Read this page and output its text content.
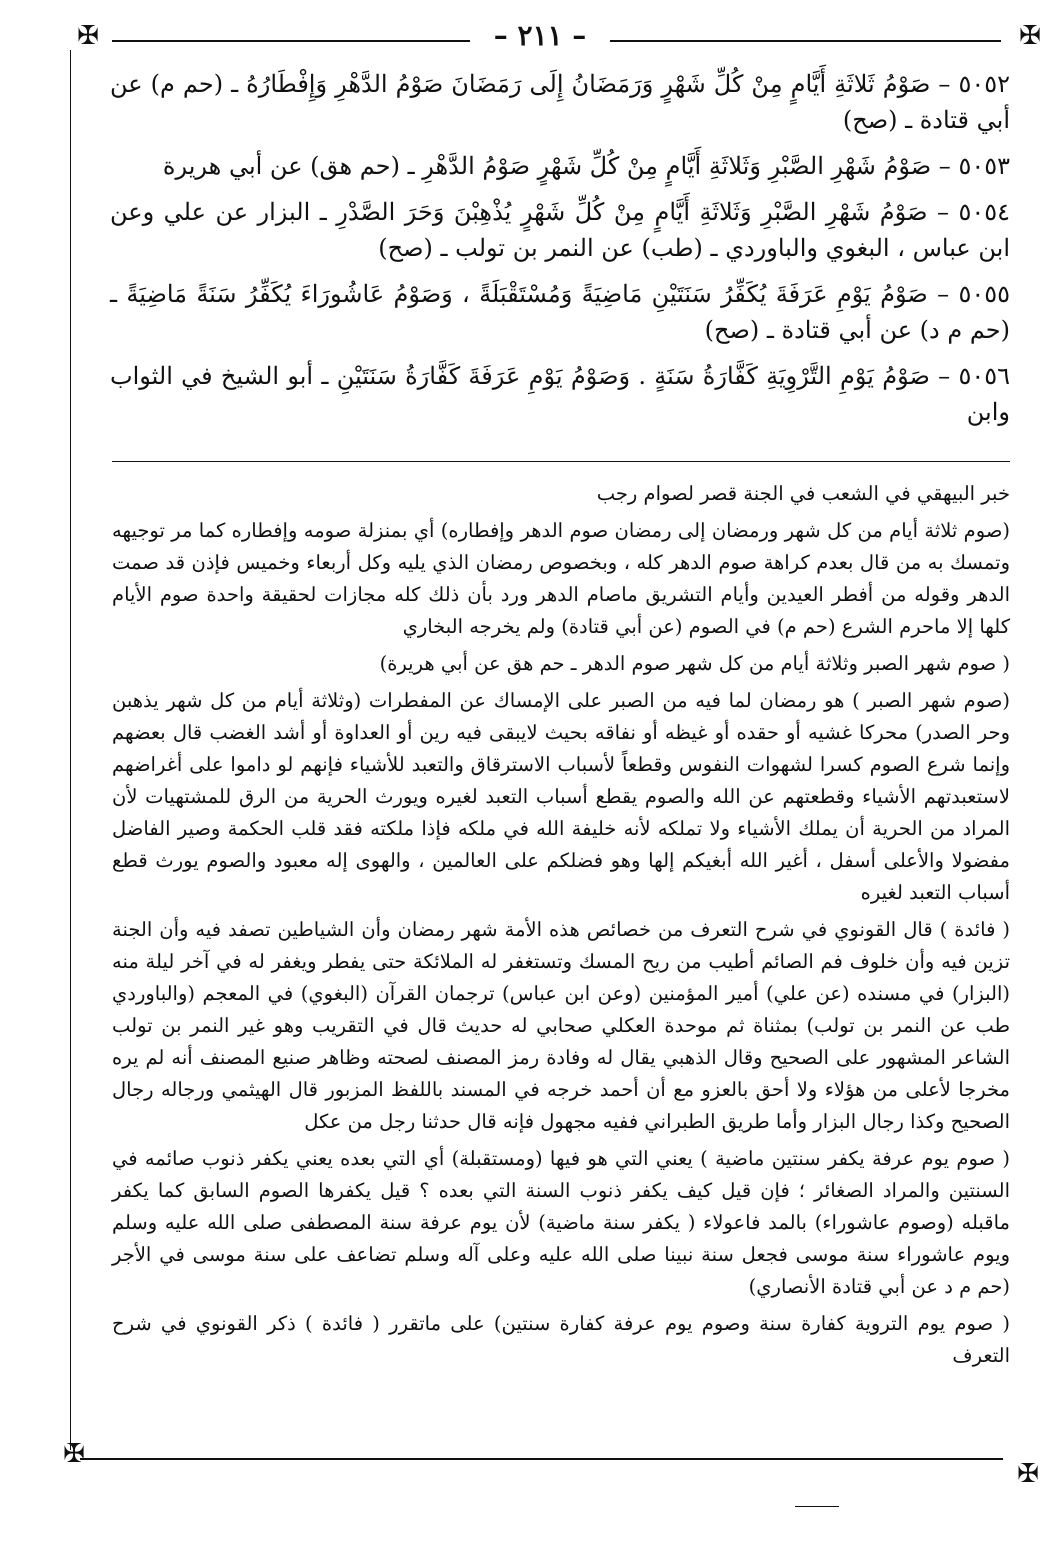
– ٢١١ –
✠	✠
✠
✠
٥٠٥٢ – صَوْمُ ثَلاثَةِ أَيَّامٍ مِنْ كُلِّ شَهْرٍ وَرَمَضَانُ إِلَى رَمَضَانَ صَوْمُ الدَّهْرِ وَإِفْطَارُهُ ـ (حم م) عن أبي قتادة ـ (صح)
٥٠٥٣ – صَوْمُ شَهْرِ الصَّبْرِ وَثَلاثَةِ أَيَّامٍ مِنْ كُلِّ شَهْرٍ صَوْمُ الدَّهْرِ ـ (حم هق) عن أبي هريرة
٥٠٥٤ – صَوْمُ شَهْرِ الصَّبْرِ وَثَلاثَةِ أَيَّامٍ مِنْ كُلِّ شَهْرٍ يُذْهِبْنَ وَحَرَ الصَّدْرِ ـ البزار عن علي وعن ابن عباس ، البغوي والباوردي ـ (طب) عن النمر بن تولب ـ (صح)
٥٠٥٥ – صَوْمُ يَوْمِ عَرَفَةَ يُكَفِّرُ سَنَتَيْنِ مَاضِيَةً وَمُسْتَقْبَلَةً ، وَصَوْمُ عَاشُورَاءَ يُكَفِّرُ سَنَةً مَاضِيَةً ـ (حم م د) عن أبي قتادة ـ (صح)
٥٠٥٦ – صَوْمُ يَوْمِ التَّرْوِيَةِ كَفَّارَةُ سَنَةٍ . وَصَوْمُ يَوْمِ عَرَفَةَ كَفَّارَةُ سَنَتَيْنِ ـ أبو الشيخ في الثواب وابن

خبر البيهقي في الشعب في الجنة قصر لصوام رجب

(صوم ثلاثة أيام من كل شهر ورمضان إلى رمضان صوم الدهر وإفطاره) أي بمنزلة صومه وإفطاره كما مر توجيهه وتمسك به من قال بعدم كراهة صوم الدهر كله ، وبخصوص رمضان الذي يليه وكل أربعاء وخميس فإذن قد صمت الدهر وقوله من أفطر العيدين وأيام التشريق ماصام الدهر ورد بأن ذلك كله مجازات لحقيقة واحدة صوم الأيام كلها إلا ماحرم الشرع (حم م) في الصوم (عن أبي قتادة) ولم يخرجه البخاري

( صوم شهر الصبر وثلاثة أيام من كل شهر صوم الدهر ـ حم هق عن أبي هريرة)

(صوم شهر الصبر ) هو رمضان لما فيه من الصبر على الإمساك عن المفطرات (وثلاثة أيام من كل شهر يذهبن وحر الصدر) محركا غشيه أو حقده أو غيظه أو نفاقه بحيث لايبقى فيه رين أو العداوة أو أشد الغضب قال بعضهم وإنما شرع الصوم كسرا لشهوات النفوس وقطعاً لأسباب الاسترقاق والتعبد للأشياء فإنهم لو داموا على أغراضهم لاستعبدتهم الأشياء وقطعتهم عن الله والصوم يقطع أسباب التعبد لغيره ويورث الحرية من الرق للمشتهيات لأن المراد من الحرية أن يملك الأشياء ولا تملكه لأنه خليفة الله في ملكه فإذا ملكته فقد قلب الحكمة وصير الفاضل مفضولا والأعلى أسفل ، أغير الله أبغيكم إلها وهو فضلكم على العالمين ، والهوى إله معبود والصوم يورث قطع أسباب التعبد لغيره

( فائدة ) قال القونوي في شرح التعرف من خصائص هذه الأمة شهر رمضان وأن الشياطين تصفد فيه وأن الجنة تزين فيه وأن خلوف فم الصائم أطيب من ريح المسك وتستغفر له الملائكة حتى يفطر ويغفر له في آخر ليلة منه (البزار) في مسنده (عن علي) أمير المؤمنين (وعن ابن عباس) ترجمان القرآن (البغوي) في المعجم (والباوردي طب عن النمر بن تولب) بمثناة ثم موحدة العكلي صحابي له حديث قال في التقريب وهو غير النمر بن تولب الشاعر المشهور على الصحيح وقال الذهبي يقال له وفادة رمز المصنف لصحته وظاهر صنيع المصنف أنه لم يره مخرجا لأعلى من هؤلاء ولا أحق بالعزو مع أن أحمد خرجه في المسند باللفظ المزبور قال الهيثمي ورجاله رجال الصحيح وكذا رجال البزار وأما طريق الطبراني ففيه مجهول فإنه قال حدثنا رجل من عكل

( صوم يوم عرفة يكفر سنتين ماضية ) يعني التي هو فيها (ومستقبلة) أي التي بعده يعني يكفر ذنوب صائمه في السنتين والمراد الصغائر ؛ فإن قيل كيف يكفر ذنوب السنة التي بعده ؟ قيل يكفرها الصوم السابق كما يكفر ماقبله (وصوم عاشوراء) بالمد فاعولاء ( يكفر سنة ماضية) لأن يوم عرفة سنة المصطفى صلى الله عليه وسلم ويوم عاشوراء سنة موسى فجعل سنة نبينا صلى الله عليه وعلى آله وسلم تضاعف على سنة موسى في الأجر (حم م د عن أبي قتادة الأنصاري)

( صوم يوم التروية كفارة سنة وصوم يوم عرفة كفارة سنتين) على ماتقرر ( فائدة ) ذكر القونوي في شرح التعرف
